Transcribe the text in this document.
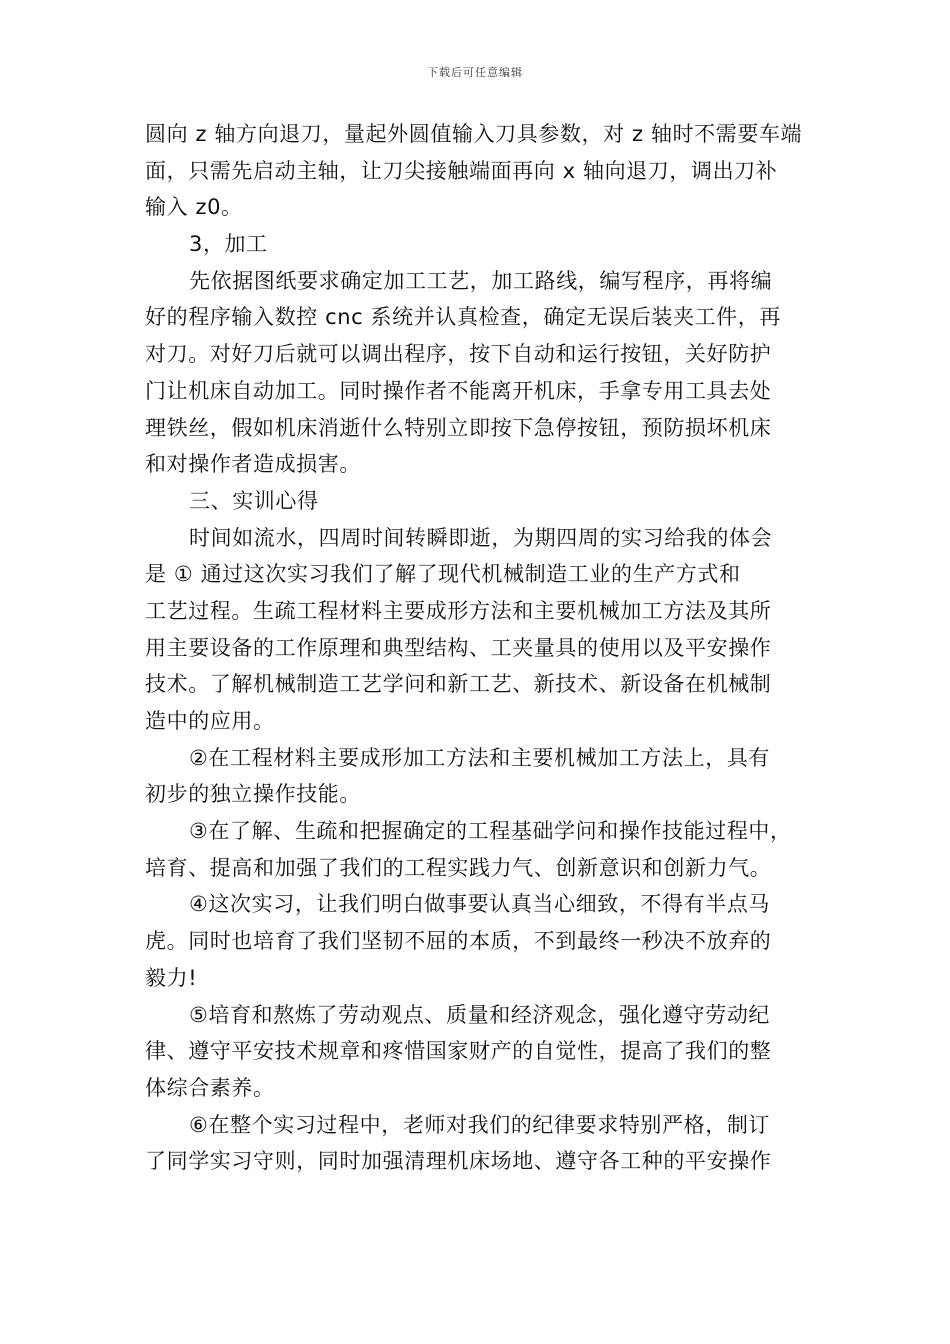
下载后可任意编辑
圆向 z 轴方向退刀，量起外圆值输入刀具参数，对 z 轴时不需要车端
面，只需先启动主轴，让刀尖接触端面再向 x 轴向退刀，调出刀补
输入 z0。
3，加工
先依据图纸要求确定加工工艺，加工路线，编写程序，再将编
好的程序输入数控 cnc 系统并认真检查，确定无误后装夹工件，再
对刀。对好刀后就可以调出程序，按下自动和运行按钮，关好防护
门让机床自动加工。同时操作者不能离开机床，手拿专用工具去处
理铁丝，假如机床消逝什么特别立即按下急停按钮，预防损坏机床
和对操作者造成损害。
三、实训心得
时间如流水，四周时间转瞬即逝，为期四周的实习给我的体会
是 ① 通过这次实习我们了解了现代机械制造工业的生产方式和
工艺过程。生疏工程材料主要成形方法和主要机械加工方法及其所
用主要设备的工作原理和典型结构、工夹量具的使用以及平安操作
技术。了解机械制造工艺学问和新工艺、新技术、新设备在机械制
造中的应用。
②在工程材料主要成形加工方法和主要机械加工方法上，具有
初步的独立操作技能。
③在了解、生疏和把握确定的工程基础学问和操作技能过程中，
培育、提高和加强了我们的工程实践力气、创新意识和创新力气。
④这次实习，让我们明白做事要认真当心细致，不得有半点马
虎。同时也培育了我们坚韧不屈的本质，不到最终一秒决不放弃的
毅力!
⑤培育和熬炼了劳动观点、质量和经济观念，强化遵守劳动纪
律、遵守平安技术规章和疼惜国家财产的自觉性，提高了我们的整
体综合素养。
⑥在整个实习过程中，老师对我们的纪律要求特别严格，制订
了同学实习守则，同时加强清理机床场地、遵守各工种的平安操作
